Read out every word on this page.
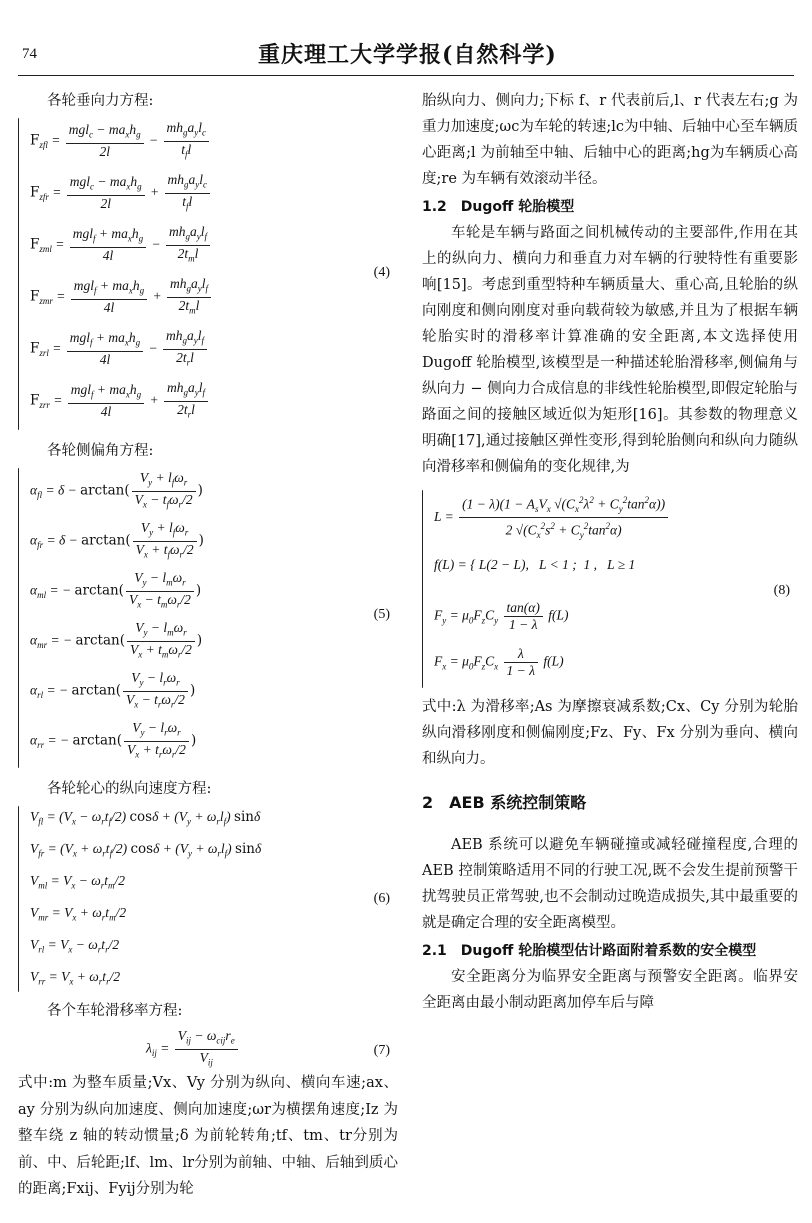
74	重庆理工大学学报(自然科学)

各轮垂向力方程:

$F_{zfl} = \frac{mgl_c - ma_xh_g}{2l} - \frac{mh_ga_yl_c}{t_fl}$
$F_{zfr} = \frac{mgl_c - ma_xh_g}{2l} + \frac{mh_ga_yl_c}{t_fl}$
$F_{zml} = \frac{mgl_f + ma_xh_g}{4l} - \frac{mh_ga_yl_f}{2t_ml}$
$F_{zmr} = \frac{mgl_f + ma_xh_g}{4l} + \frac{mh_ga_yl_f}{2t_ml}$
$F_{zrl} = \frac{mgl_f + ma_xh_g}{4l} - \frac{mh_ga_yl_f}{2t_rl}$
$F_{zrr} = \frac{mgl_f + ma_xh_g}{4l} + \frac{mh_ga_yl_f}{2t_rl}$
(4)

各轮侧偏角方程:

$\alpha_{fl} = \delta - \arctan( \frac{V_y + l_f\omega_r}{V_x - t_f\omega_r/2}$ )
$\alpha_{fr} = \delta - \arctan( \frac{V_y + l_f\omega_r}{V_x + t_f\omega_r/2}$ )
$\alpha_{ml}$ = − $\arctan( \frac{V_y - l_m\omega_r}{V_x - t_m\omega_r/2}$ )
$\alpha_{mr}$ = − $\arctan( \frac{V_y - l_m\omega_r}{V_x + t_m\omega_r/2}$ )
$\alpha_{rl}$ = − $\arctan( \frac{V_y - l_r\omega_r}{V_x - t_r\omega_r/2}$ )
$\alpha_{rr}$ = − $\arctan( \frac{V_y - l_r\omega_r}{V_x + t_r\omega_r/2}$ )
(5)

各轮轮心的纵向速度方程:

$V_{fl} = (V_x - \omega_rt_f/2) \cos\delta + (V_y + \omega_rl_f)$ sinδ
$V_{fr} = (V_x + \omega_rt_f/2) \cos\delta + (V_y + \omega_rl_f)$ sinδ
$V_{ml} = V_x - \omega_rt_m/2$
$V_{mr} = V_x + \omega_rt_m/2$
$V_{rl} = V_x - \omega_rt_r/2$
$V_{rr} = V_x + \omega_rt_r/2$
(6)

各个车轮滑移率方程:

$\lambda_{ij} = \frac{V_{ij} - \omega_{cij}r_e}{V_{ij}}$	(7)

式中:m 为整车质量;Vx、Vy 分别为纵向、横向车速;ax、ay 分别为纵向加速度、侧向加速度;ωr为横摆角速度;Iz 为整车绕 z 轴的转动惯量;δ 为前轮转角;tf、tm、tr分别为前、中、后轮距;lf、lm、lr分别为前轴、中轴、后轴到质心的距离;Fxij、Fyij分别为轮

胎纵向力、侧向力;下标 f、r 代表前后,l、r 代表左右;g 为重力加速度;ωc为车轮的转速;lc为中轴、后轴中心至车辆质心距离;l 为前轴至中轴、后轴中心的距离;hg为车辆质心高度;re 为车辆有效滚动半径。

1.2　Dugoff 轮胎模型

车轮是车辆与路面之间机械传动的主要部件,作用在其上的纵向力、横向力和垂直力对车辆的行驶特性有重要影响[15]。考虑到重型特种车辆质量大、重心高,且轮胎的纵向刚度和侧向刚度对垂向载荷较为敏感,并且为了根据车辆轮胎实时的滑移率计算准确的安全距离,本文选择使用 Dugoff 轮胎模型,该模型是一种描述轮胎滑移率,侧偏角与纵向力 − 侧向力合成信息的非线性轮胎模型,即假定轮胎与路面之间的接触区域近似为矩形[16]。其参数的物理意义明确[17],通过接触区弹性变形,得到轮胎侧向和纵向力随纵向滑移率和侧偏角的变化规律,为

$L = \frac{(1 - \lambda)(1 - A_sV_x √(C_x^2\lambda^2 + C_y^2\tan^2\alpha))}{2 √(C_x^2s^2 + C_y^2\tan^2\alpha)}$
f(L) = { L(2 − L),   L < 1 ;  1 ,   L ≥ 1
$F_y = \mu_0F_zC_y \frac{\tan(\alpha)}{1 - \lambda} f(L)$
$F_x = \mu_0F_zC_x \frac{\lambda}{1 - \lambda} f(L)$
(8)

式中:λ 为滑移率;As 为摩擦衰减系数;Cx、Cy 分别为轮胎纵向滑移刚度和侧偏刚度;Fz、Fy、Fx 分别为垂向、横向和纵向力。

2　AEB 系统控制策略

AEB 系统可以避免车辆碰撞或减轻碰撞程度,合理的 AEB 控制策略适用不同的行驶工况,既不会发生提前预警干扰驾驶员正常驾驶,也不会制动过晚造成损失,其中最重要的就是确定合理的安全距离模型。

2.1　Dugoff 轮胎模型估计路面附着系数的安全模型

安全距离分为临界安全距离与预警安全距离。临界安全距离由最小制动距离加停车后与障
